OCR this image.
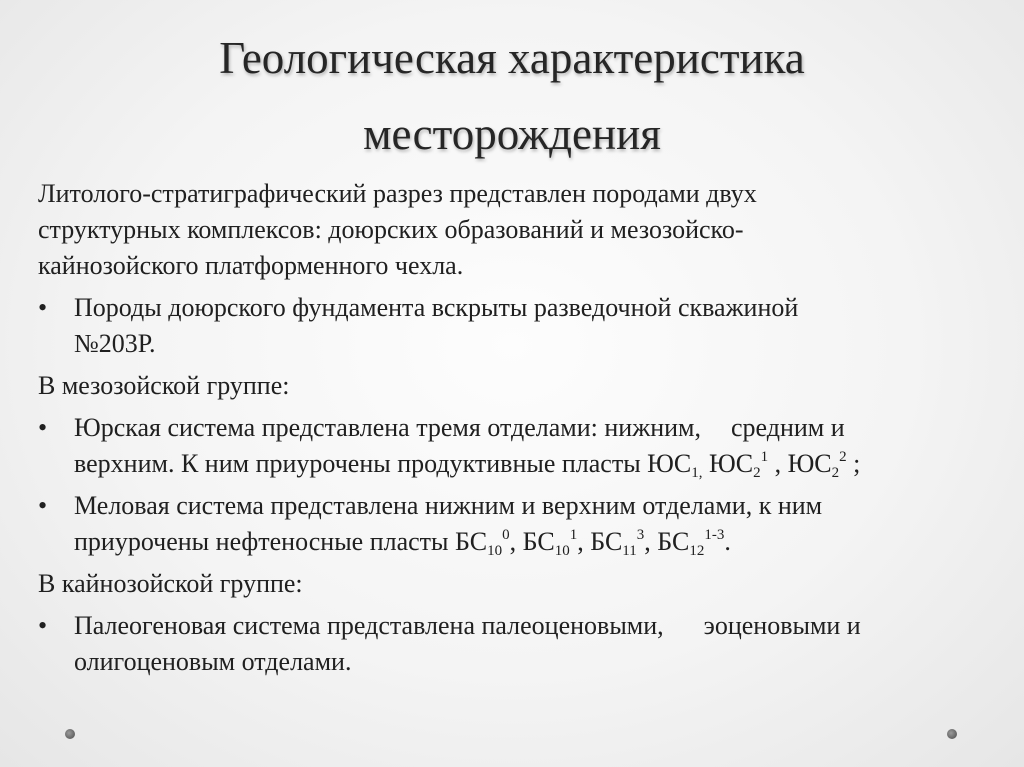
Геологическая характеристика
месторождения
Литолого-стратиграфический разрез представлен породами двух
структурных комплексов: доюрских образований и мезозойско-
кайнозойского платформенного чехла.
• Породы доюрского фундамента вскрыты разведочной скважиной
№203Р.
В мезозойской группе:
• Юрская система представлена тремя отделами: нижним, средним и
верхним. К ним приурочены продуктивные пласты $ЮС_{1,}$ $ЮС_2^1$ , $ЮС_2^2$ ;
• Меловая система представлена нижним и верхним отделами, к ним
приурочены нефтеносные пласты $БС_{10}^0$, $БС_{10}^1$, $БС_{11}^3$, $БС_{12}^{1-3}$.
В кайнозойской группе:
• Палеогеновая система представлена палеоценовыми, эоценовыми и
олигоценовым отделами.
